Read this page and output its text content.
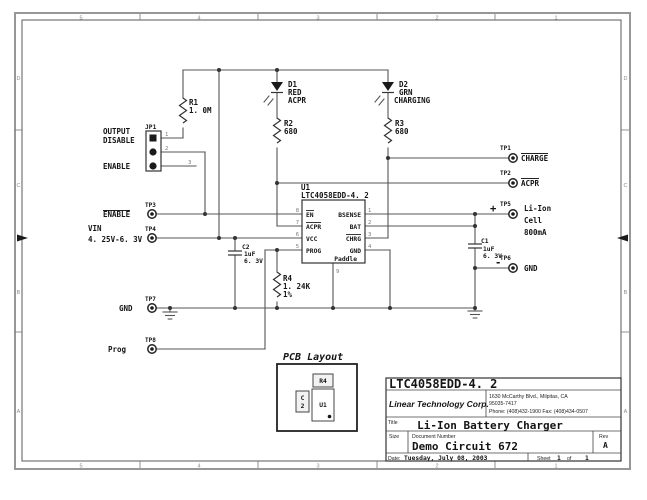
5	4	3	2	1
5	4	3	2	1
D
C
B
A
D
C
B
A
R1
1. 0M
JP1
1
2
3
OUTPUT
DISABLE
ENABLE
D1
RED
ACPR
R2
680
D2
GRN
CHARGING
R3
680
R4
1. 24K
1%
C2
1uF
6. 3V
C1
1uF
6. 3V
U1
LTC4058EDD-4. 2
EN
ACPR
VCC
PROG
BSENSE
BAT
CHRG
GND
Paddle
8
7
6
5
1
2
3
4
9
TP1
CHARGE
TP2
ACPR
TP3
ENABLE
TP4
VIN
4. 25V-6. 3V
TP5
+	Li-Ion
Cell
800mA
TP6
-	GND
TP7
GND
TP8
Prog
PCB Layout
R4
C
2 U1
LTC4058EDD-4. 2
Linear Technology Corp.
1630 McCarthy Blvd., Milpitas, CA
95035-7417
Phone: (408)432-1900 Fax: (408)434-0507
Title Li-Ion Battery Charger
Size Document Number
Demo Circuit 672
Rev
A
Date: Tuesday, July 08, 2003	Sheet 1 of 1
